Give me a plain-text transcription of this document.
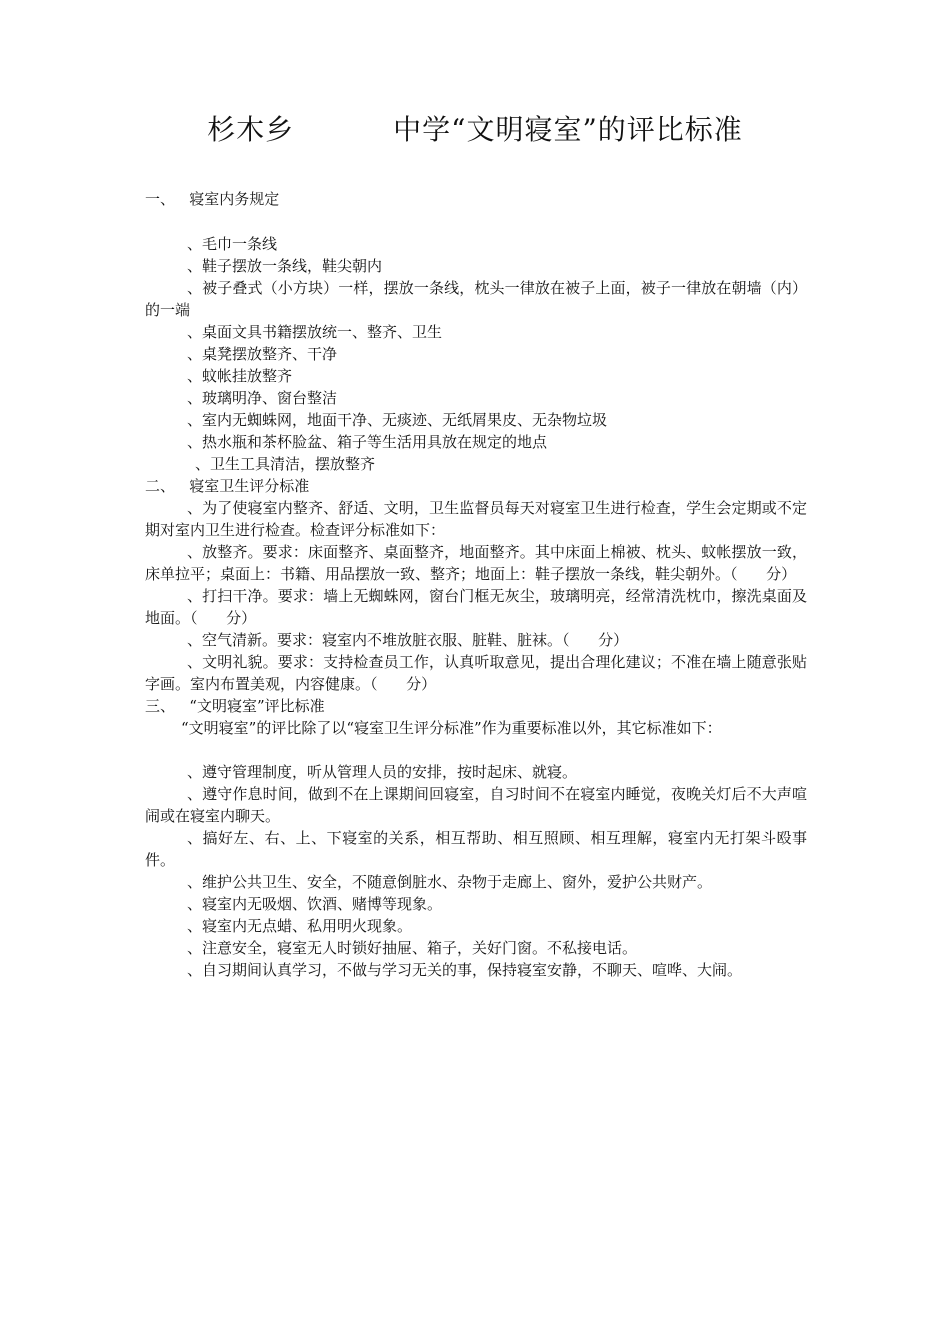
杉木乡          中学“文明寝室”的评比标准
一、   寝室内务规定

、毛巾一条线

、鞋子摆放一条线，鞋尖朝内

、被子叠式（小方块）一样，摆放一条线，枕头一律放在被子上面，被子一律放在朝墙（内）的一端

、桌面文具书籍摆放统一、整齐、卫生

、桌凳摆放整齐、干净

、蚊帐挂放整齐

、玻璃明净、窗台整洁

、室内无蜘蛛网，地面干净、无痰迹、无纸屑果皮、无杂物垃圾

、热水瓶和茶杯脸盆、箱子等生活用具放在规定的地点

、卫生工具清洁，摆放整齐

二、   寝室卫生评分标准

、为了使寝室内整齐、舒适、文明，卫生监督员每天对寝室卫生进行检查，学生会定期或不定期对室内卫生进行检查。检查评分标准如下：

、放整齐。要求：床面整齐、桌面整齐，地面整齐。其中床面上棉被、枕头、蚊帐摆放一致，床单拉平；桌面上：书籍、用品摆放一致、整齐；地面上：鞋子摆放一条线，鞋尖朝外。（      分）

、打扫干净。要求：墙上无蜘蛛网，窗台门框无灰尘，玻璃明亮，经常清洗枕巾，擦洗桌面及地面。（      分）

、空气清新。要求：寝室内不堆放脏衣服、脏鞋、脏袜。（      分）

、文明礼貌。要求：支持检查员工作，认真听取意见，提出合理化建议；不准在墙上随意张贴字画。室内布置美观，内容健康。（      分）

三、   “文明寝室”评比标准

“文明寝室”的评比除了以“寝室卫生评分标准”作为重要标准以外，其它标准如下：

、遵守管理制度，听从管理人员的安排，按时起床、就寝。

、遵守作息时间，做到不在上课期间回寝室，自习时间不在寝室内睡觉，夜晚关灯后不大声喧闹或在寝室内聊天。

、搞好左、右、上、下寝室的关系，相互帮助、相互照顾、相互理解，寝室内无打架斗殴事件。

、维护公共卫生、安全，不随意倒脏水、杂物于走廊上、窗外，爱护公共财产。

、寝室内无吸烟、饮酒、赌博等现象。

、寝室内无点蜡、私用明火现象。

、注意安全，寝室无人时锁好抽屉、箱子，关好门窗。不私接电话。

、自习期间认真学习，不做与学习无关的事，保持寝室安静，不聊天、喧哗、大闹。
